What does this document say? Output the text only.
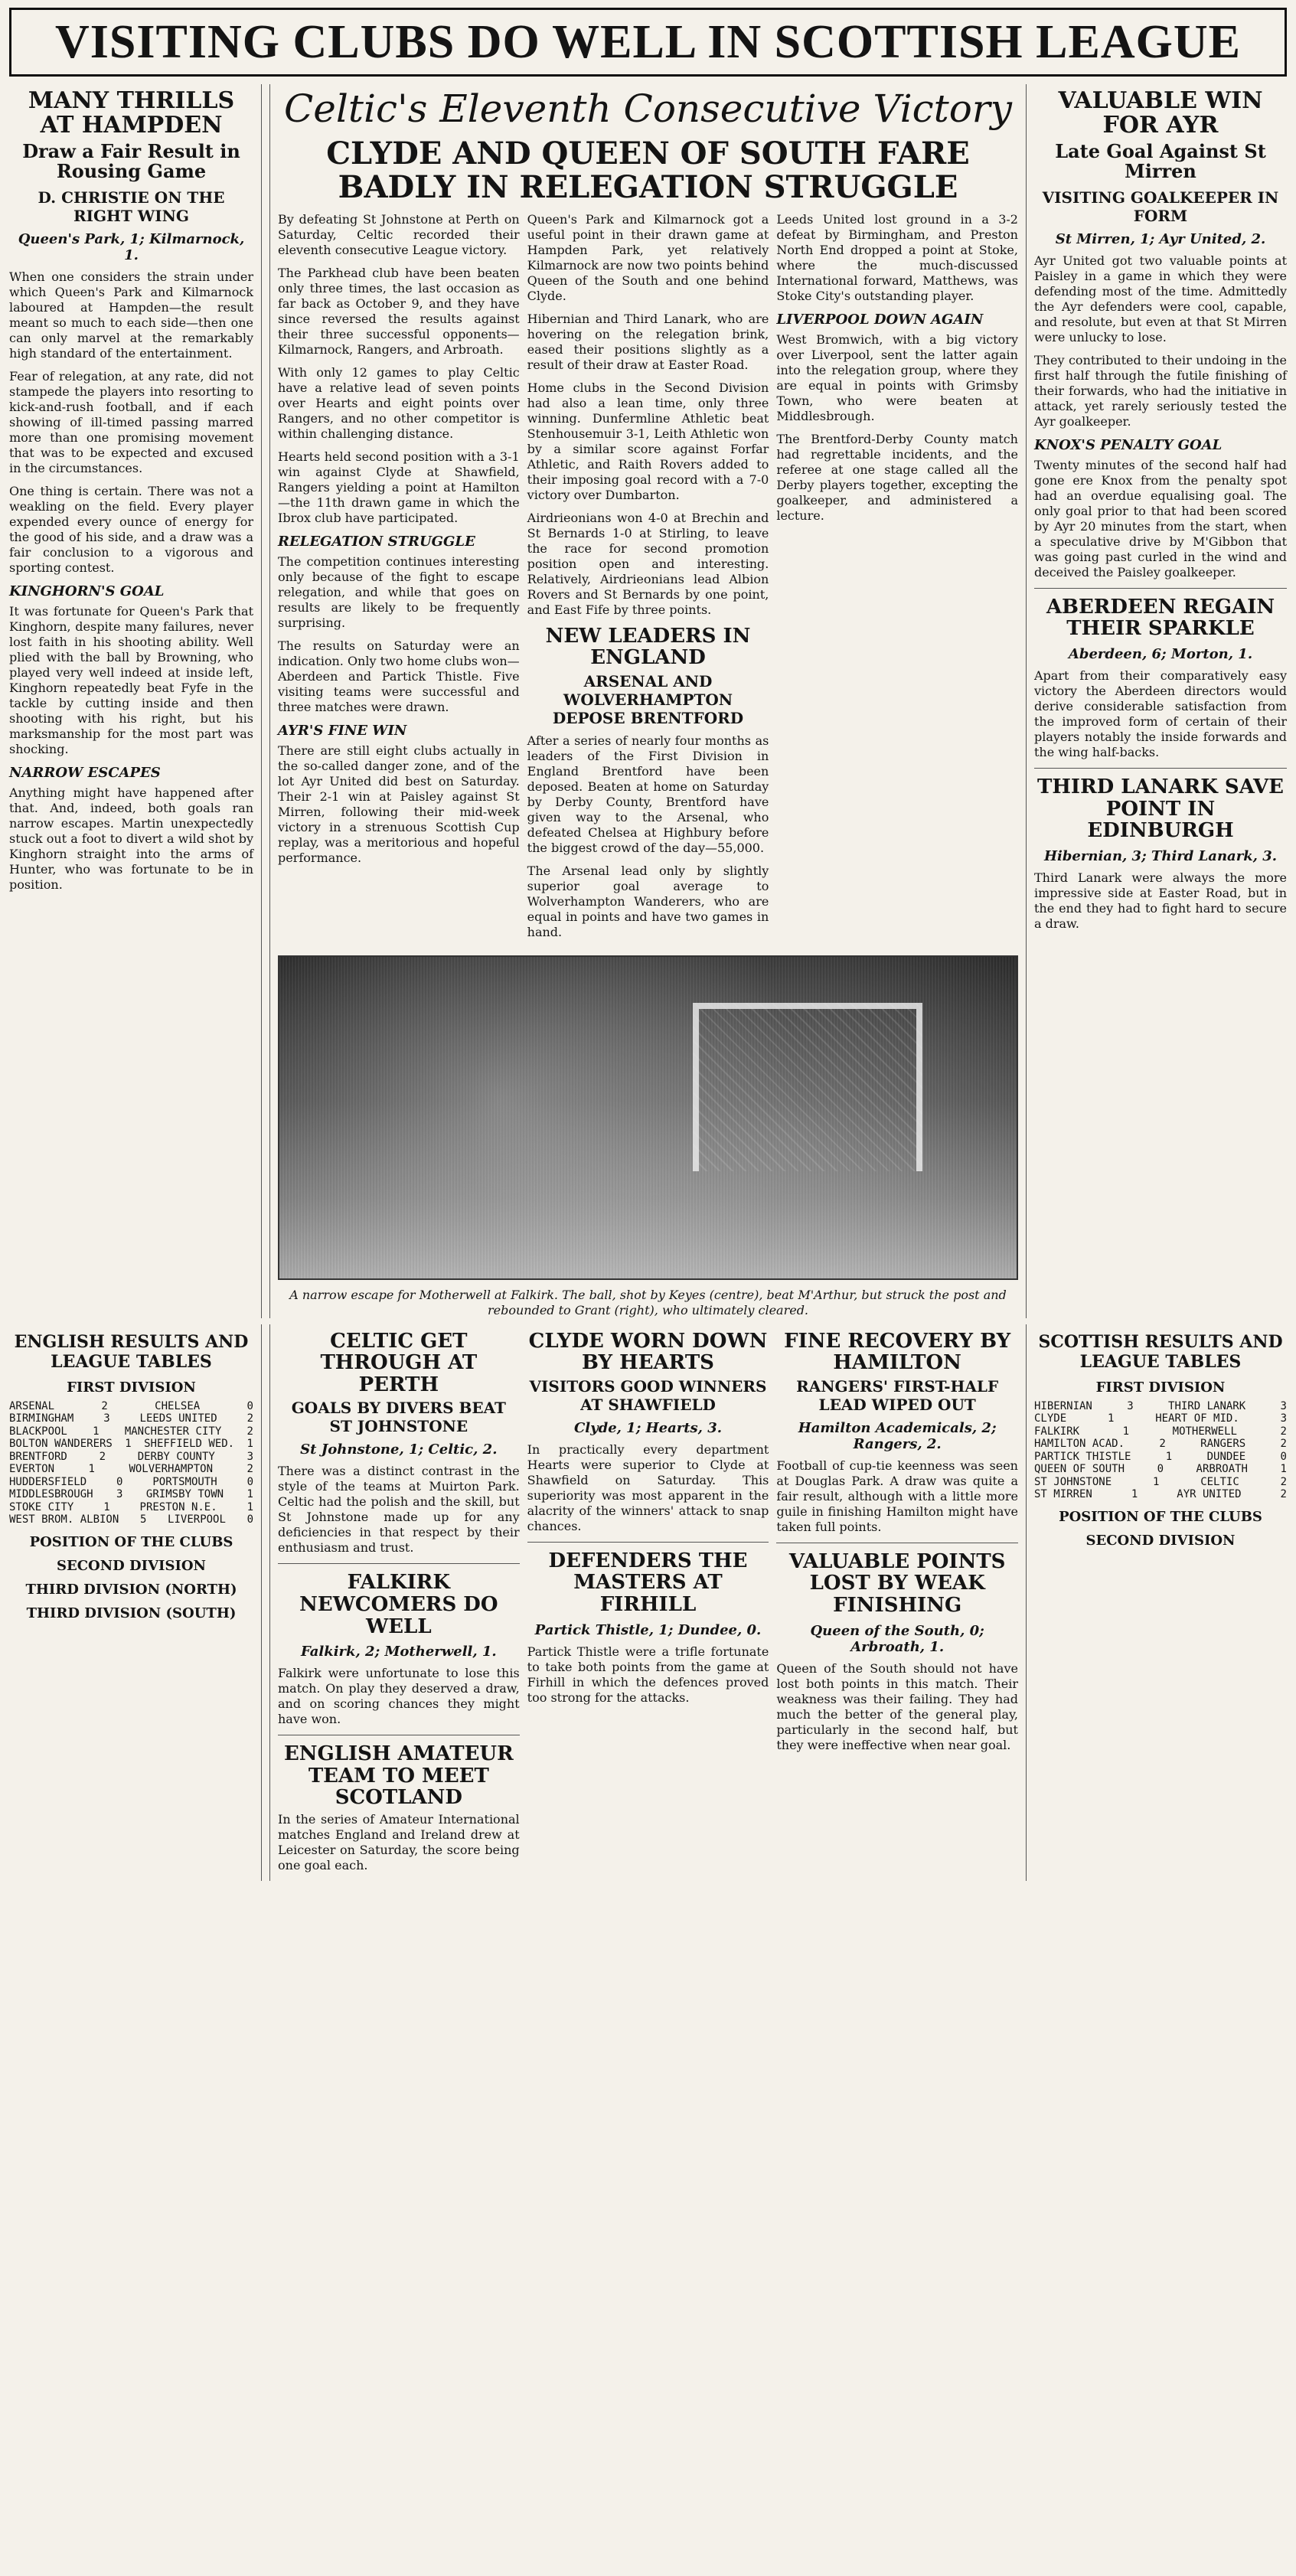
VISITING CLUBS DO WELL IN SCOTTISH LEAGUE
MANY THRILLS AT HAMPDEN
Draw a Fair Result in Rousing Game
D. CHRISTIE ON THE RIGHT WING
Queen's Park, 1; Kilmarnock, 1.

When one considers the strain under which Queen's Park and Kilmarnock laboured at Hampden—the result meant so much to each side—then one can only marvel at the remarkably high standard of the entertainment.

Fear of relegation, at any rate, did not stampede the players into resorting to kick-and-rush football, and if each showing of ill-timed passing marred more than one promising movement that was to be expected and excused in the circumstances.

One thing is certain. There was not a weakling on the field. Every player expended every ounce of energy for the good of his side, and a draw was a fair conclusion to a vigorous and sporting contest.

KINGHORN'S GOAL

It was fortunate for Queen's Park that Kinghorn, despite many failures, never lost faith in his shooting ability. Well plied with the ball by Browning, who played very well indeed at inside left, Kinghorn repeatedly beat Fyfe in the tackle by cutting inside and then shooting with his right, but his marksmanship for the most part was shocking.

NARROW ESCAPES

Anything might have happened after that. And, indeed, both goals ran narrow escapes. Martin unexpectedly stuck out a foot to divert a wild shot by Kinghorn straight into the arms of Hunter, who was fortunate to be in position.

Celtic's Eleventh Consecutive Victory
CLYDE AND QUEEN OF SOUTH FARE BADLY IN RELEGATION STRUGGLE

By defeating St Johnstone at Perth on Saturday, Celtic recorded their eleventh consecutive League victory.

The Parkhead club have been beaten only three times, the last occasion as far back as October 9, and they have since reversed the results against their three successful opponents—Kilmarnock, Rangers, and Arbroath.

With only 12 games to play Celtic have a relative lead of seven points over Hearts and eight points over Rangers, and no other competitor is within challenging distance.

Hearts held second position with a 3-1 win against Clyde at Shawfield, Rangers yielding a point at Hamilton—the 11th drawn game in which the Ibrox club have participated.

RELEGATION STRUGGLE

The competition continues interesting only because of the fight to escape relegation, and while that goes on results are likely to be frequently surprising.

The results on Saturday were an indication. Only two home clubs won—Aberdeen and Partick Thistle. Five visiting teams were successful and three matches were drawn.

AYR'S FINE WIN

There are still eight clubs actually in the so-called danger zone, and of the lot Ayr United did best on Saturday. Their 2-1 win at Paisley against St Mirren, following their mid-week victory in a strenuous Scottish Cup replay, was a meritorious and hopeful performance.

Queen's Park and Kilmarnock got a useful point in their drawn game at Hampden Park, yet relatively Kilmarnock are now two points behind Queen of the South and one behind Clyde.

Hibernian and Third Lanark, who are hovering on the relegation brink, eased their positions slightly as a result of their draw at Easter Road.

Home clubs in the Second Division had also a lean time, only three winning. Dunfermline Athletic beat Stenhousemuir 3-1, Leith Athletic won by a similar score against Forfar Athletic, and Raith Rovers added to their imposing goal record with a 7-0 victory over Dumbarton.

Airdrieonians won 4-0 at Brechin and St Bernards 1-0 at Stirling, to leave the race for second promotion position open and interesting. Relatively, Airdrieonians lead Albion Rovers and St Bernards by one point, and East Fife by three points.

NEW LEADERS IN ENGLAND
ARSENAL AND WOLVERHAMPTON DEPOSE BRENTFORD

After a series of nearly four months as leaders of the First Division in England Brentford have been deposed. Beaten at home on Saturday by Derby County, Brentford have given way to the Arsenal, who defeated Chelsea at Highbury before the biggest crowd of the day—55,000.

The Arsenal lead only by slightly superior goal average to Wolverhampton Wanderers, who are equal in points and have two games in hand.

Leeds United lost ground in a 3-2 defeat by Birmingham, and Preston North End dropped a point at Stoke, where the much-discussed International forward, Matthews, was Stoke City's outstanding player.

LIVERPOOL DOWN AGAIN

West Bromwich, with a big victory over Liverpool, sent the latter again into the relegation group, where they are equal in points with Grimsby Town, who were beaten at Middlesbrough.

The Brentford-Derby County match had regrettable incidents, and the referee at one stage called all the Derby players together, excepting the goalkeeper, and administered a lecture.

A narrow escape for Motherwell at Falkirk. The ball, shot by Keyes (centre), beat M'Arthur, but struck the post and rebounded to Grant (right), who ultimately cleared.
VALUABLE WIN FOR AYR
Late Goal Against St Mirren
VISITING GOALKEEPER IN FORM
St Mirren, 1; Ayr United, 2.

Ayr United got two valuable points at Paisley in a game in which they were defending most of the time. Admittedly the Ayr defenders were cool, capable, and resolute, but even at that St Mirren were unlucky to lose.

They contributed to their undoing in the first half through the futile finishing of their forwards, who had the initiative in attack, yet rarely seriously tested the Ayr goalkeeper.

KNOX'S PENALTY GOAL

Twenty minutes of the second half had gone ere Knox from the penalty spot had an overdue equalising goal. The only goal prior to that had been scored by Ayr 20 minutes from the start, when a speculative drive by M'Gibbon that was going past curled in the wind and deceived the Paisley goalkeeper.

ABERDEEN REGAIN THEIR SPARKLE
Aberdeen, 6; Morton, 1.

Apart from their comparatively easy victory the Aberdeen directors would derive considerable satisfaction from the improved form of certain of their players notably the inside forwards and the wing half-backs.

THIRD LANARK SAVE POINT IN EDINBURGH
Hibernian, 3; Third Lanark, 3.

Third Lanark were always the more impressive side at Easter Road, but in the end they had to fight hard to secure a draw.

ENGLISH RESULTS AND LEAGUE TABLES
FIRST DIVISION
ARSENAL	2	CHELSEA	0
BIRMINGHAM	3	LEEDS UNITED	2
BLACKPOOL 1 MANCHESTER CITY 2
BOLTON WANDERERS 1 SHEFFIELD WED. 1
BRENTFORD	2	DERBY COUNTY	3
EVERTON	1	WOLVERHAMPTON	2
HUDDERSFIELD	0	PORTSMOUTH	0
MIDDLESBROUGH 3 GRIMSBY TOWN 1
STOKE CITY	1	PRESTON N.E.	1
WEST BROM. ALBION 5 LIVERPOOL 0
POSITION OF THE CLUBS
SECOND DIVISION
THIRD DIVISION (NORTH)
THIRD DIVISION (SOUTH)
CELTIC GET THROUGH AT PERTH
GOALS BY DIVERS BEAT ST JOHNSTONE
St Johnstone, 1; Celtic, 2.

There was a distinct contrast in the style of the teams at Muirton Park. Celtic had the polish and the skill, but St Johnstone made up for any deficiencies in that respect by their enthusiasm and trust.

FALKIRK NEWCOMERS DO WELL
Falkirk, 2; Motherwell, 1.

Falkirk were unfortunate to lose this match. On play they deserved a draw, and on scoring chances they might have won.

ENGLISH AMATEUR TEAM TO MEET SCOTLAND

In the series of Amateur International matches England and Ireland drew at Leicester on Saturday, the score being one goal each.

CLYDE WORN DOWN BY HEARTS
VISITORS GOOD WINNERS AT SHAWFIELD
Clyde, 1; Hearts, 3.

In practically every department Hearts were superior to Clyde at Shawfield on Saturday. This superiority was most apparent in the alacrity of the winners' attack to snap chances.

DEFENDERS THE MASTERS AT FIRHILL
Partick Thistle, 1; Dundee, 0.

Partick Thistle were a trifle fortunate to take both points from the game at Firhill in which the defences proved too strong for the attacks.

FINE RECOVERY BY HAMILTON
RANGERS' FIRST-HALF LEAD WIPED OUT
Hamilton Academicals, 2; Rangers, 2.

Football of cup-tie keenness was seen at Douglas Park. A draw was quite a fair result, although with a little more guile in finishing Hamilton might have taken full points.

VALUABLE POINTS LOST BY WEAK FINISHING
Queen of the South, 0; Arbroath, 1.

Queen of the South should not have lost both points in this match. Their weakness was their failing. They had much the better of the general play, particularly in the second half, but they were ineffective when near goal.

SCOTTISH RESULTS AND LEAGUE TABLES
FIRST DIVISION
HIBERNIAN	3	THIRD LANARK	3
CLYDE	1	HEART OF MID.	3
FALKIRK	1	MOTHERWELL	2
HAMILTON ACAD.	2	RANGERS	2
PARTICK THISTLE	1	DUNDEE	0
QUEEN OF SOUTH	0	ARBROATH	1
ST JOHNSTONE	1	CELTIC	2
ST MIRREN	1	AYR UNITED	2
POSITION OF THE CLUBS
SECOND DIVISION
